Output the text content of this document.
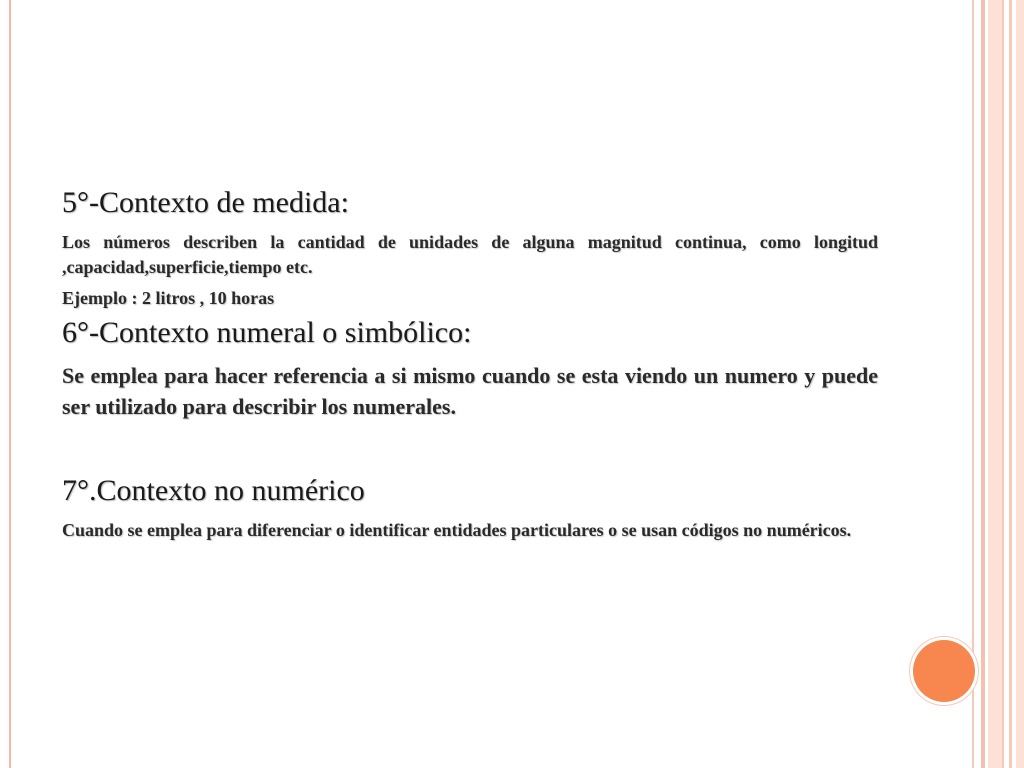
5°-Contexto de medida:

Los números describen la cantidad de unidades de alguna magnitud continua, como longitud ,capacidad,superficie,tiempo etc.

Ejemplo : 2 litros , 10 horas

6°-Contexto numeral o simbólico:

Se emplea para hacer referencia a si mismo cuando se esta viendo un numero y puede ser utilizado para describir los numerales.

7°.Contexto no numérico

Cuando se emplea para diferenciar o identificar entidades particulares o se usan códigos no numéricos.
